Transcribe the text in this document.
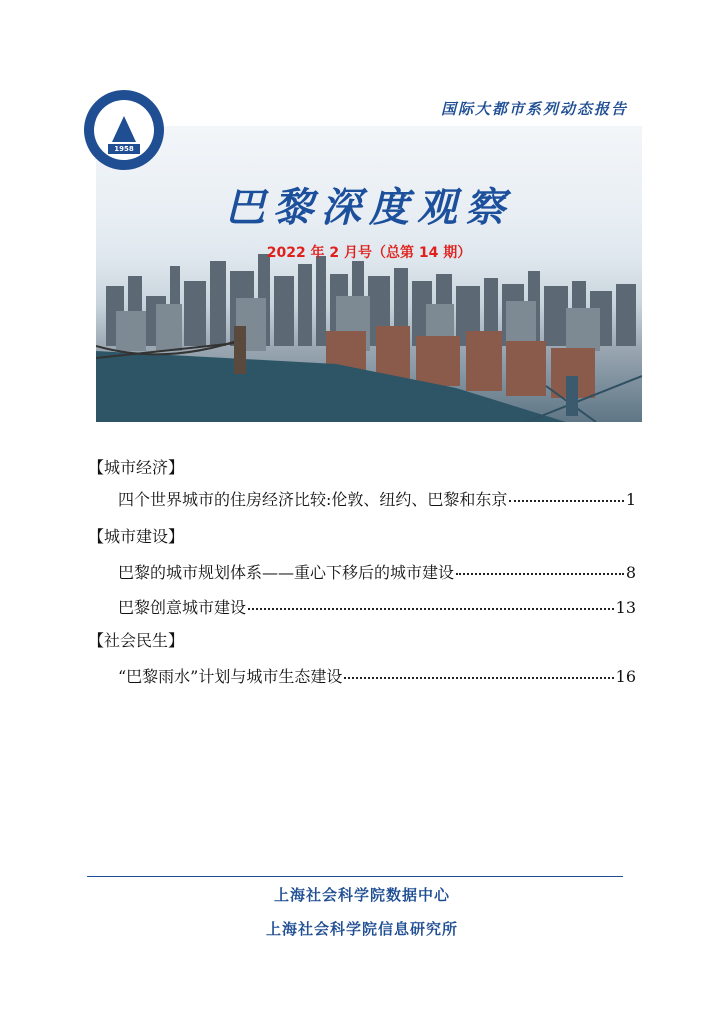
1958
国际大都市系列动态报告
巴黎深度观察
2022 年 2 月号（总第 14 期）
【城市经济】
四个世界城市的住房经济比较:伦敦、纽约、巴黎和东京	1
【城市建设】
巴黎的城市规划体系——重心下移后的城市建设	8
巴黎创意城市建设	13
【社会民生】
“巴黎雨水”计划与城市生态建设	16
上海社会科学院数据中心
上海社会科学院信息研究所
